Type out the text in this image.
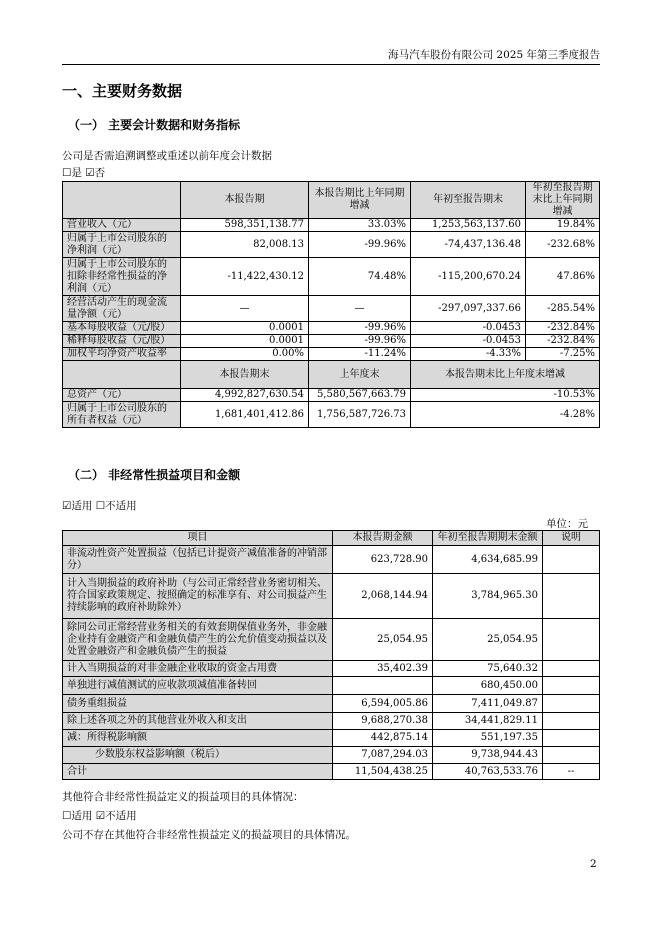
海马汽车股份有限公司 2025 年第三季度报告
一、主要财务数据
（一） 主要会计数据和财务指标
公司是否需追溯调整或重述以前年度会计数据
☐是 ☑否
	本报告期	本报告期比上年同期增减	年初至报告期末	年初至报告期末比上年同期增减
营业收入（元）	598,351,138.77	33.03%	1,253,563,137.60	19.84%
归属于上市公司股东的净利润（元）	82,008.13	-99.96%	-74,437,136.48	-232.68%
归属于上市公司股东的扣除非经常性损益的净利润（元）	-11,422,430.12	74.48%	-115,200,670.24	47.86%
经营活动产生的现金流量净额（元）	—	—	-297,097,337.66	-285.54%
基本每股收益（元/股）	0.0001	-99.96%	-0.0453	-232.84%
稀释每股收益（元/股）	0.0001	-99.96%	-0.0453	-232.84%
加权平均净资产收益率	0.00%	-11.24%	-4.33%	-7.25%
	本报告期末	上年度末	本报告期末比上年度末增减	
总资产（元）	4,992,827,630.54	5,580,567,663.79	-10.53%	
归属于上市公司股东的所有者权益（元）	1,681,401,412.86	1,756,587,726.73	-4.28%	
（二） 非经常性损益项目和金额
☑适用 ☐不适用
单位：元
项目	本报告期金额	年初至报告期期末金额	说明
非流动性资产处置损益（包括已计提资产减值准备的冲销部分）	623,728.90	4,634,685.99	
计入当期损益的政府补助（与公司正常经营业务密切相关、符合国家政策规定、按照确定的标准享有、对公司损益产生持续影响的政府补助除外）	2,068,144.94	3,784,965.30	
除同公司正常经营业务相关的有效套期保值业务外，非金融企业持有金融资产和金融负债产生的公允价值变动损益以及处置金融资产和金融负债产生的损益	25,054.95	25,054.95	
计入当期损益的对非金融企业收取的资金占用费	35,402.39	75,640.32	
单独进行减值测试的应收款项减值准备转回		680,450.00	
债务重组损益	6,594,005.86	7,411,049.87	
除上述各项之外的其他营业外收入和支出	9,688,270.38	34,441,829.11	
减：所得税影响额	442,875.14	551,197.35	
少数股东权益影响额（税后）	7,087,294.03	9,738,944.43	
合计	11,504,438.25	40,763,533.76	--
其他符合非经常性损益定义的损益项目的具体情况：
☐适用 ☑不适用
公司不存在其他符合非经常性损益定义的损益项目的具体情况。
2
